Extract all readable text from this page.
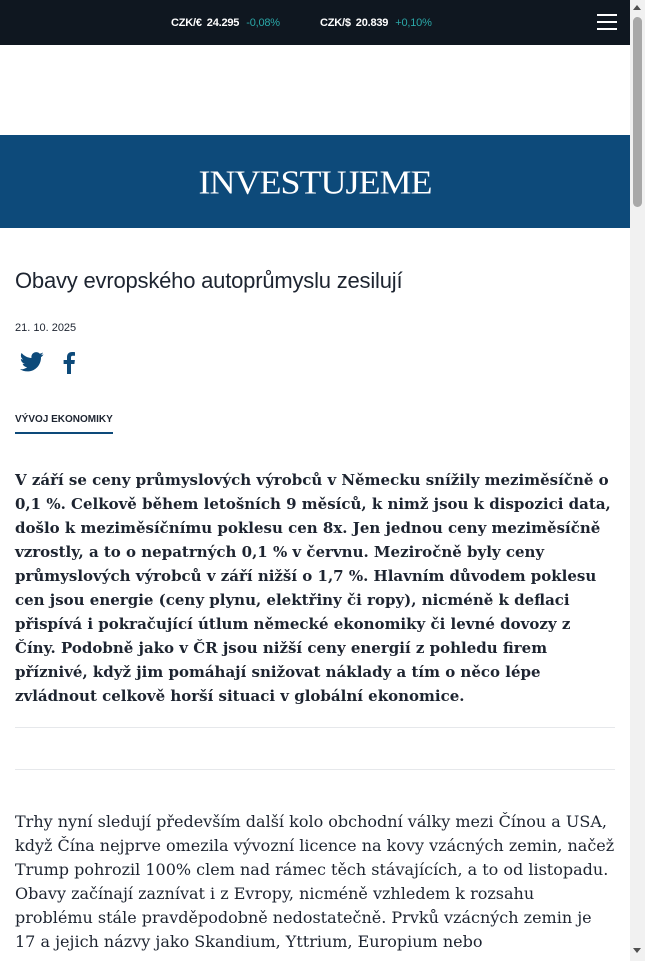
CZK/€ 24.295 -0,08%	CZK/$ 20.839 +0,10%
INVESTUJEME
Obavy evropského autoprůmyslu zesilují
21. 10. 2025
VÝVOJ EKONOMIKY

V září se ceny průmyslových výrobců v Německu snížily meziměsíčně o 0,1 %. Celkově během letošních 9 měsíců, k nimž jsou k dispozici data, došlo k meziměsíčnímu poklesu cen 8x. Jen jednou ceny meziměsíčně vzrostly, a to o nepatrných 0,1 % v červnu. Meziročně byly ceny průmyslových výrobců v září nižší o 1,7 %. Hlavním důvodem poklesu cen jsou energie (ceny plynu, elektřiny či ropy), nicméně k deflaci přispívá i pokračující útlum německé ekonomiky či levné dovozy z Číny. Podobně jako v ČR jsou nižší ceny energií z pohledu firem příznivé, když jim pomáhají snižovat náklady a tím o něco lépe zvládnout celkově horší situaci v globální ekonomice.

Trhy nyní sledují především další kolo obchodní války mezi Čínou a USA, když Čína nejprve omezila vývozní licence na kovy vzácných zemin, načež Trump pohrozil 100% clem nad rámec těch stávajících, a to od listopadu. Obavy začínají zaznívat i z Evropy, nicméně vzhledem k rozsahu problému stále pravděpodobně nedostatečně. Prvků vzácných zemin je 17 a jejich názvy jako Skandium, Yttrium, Europium nebo
